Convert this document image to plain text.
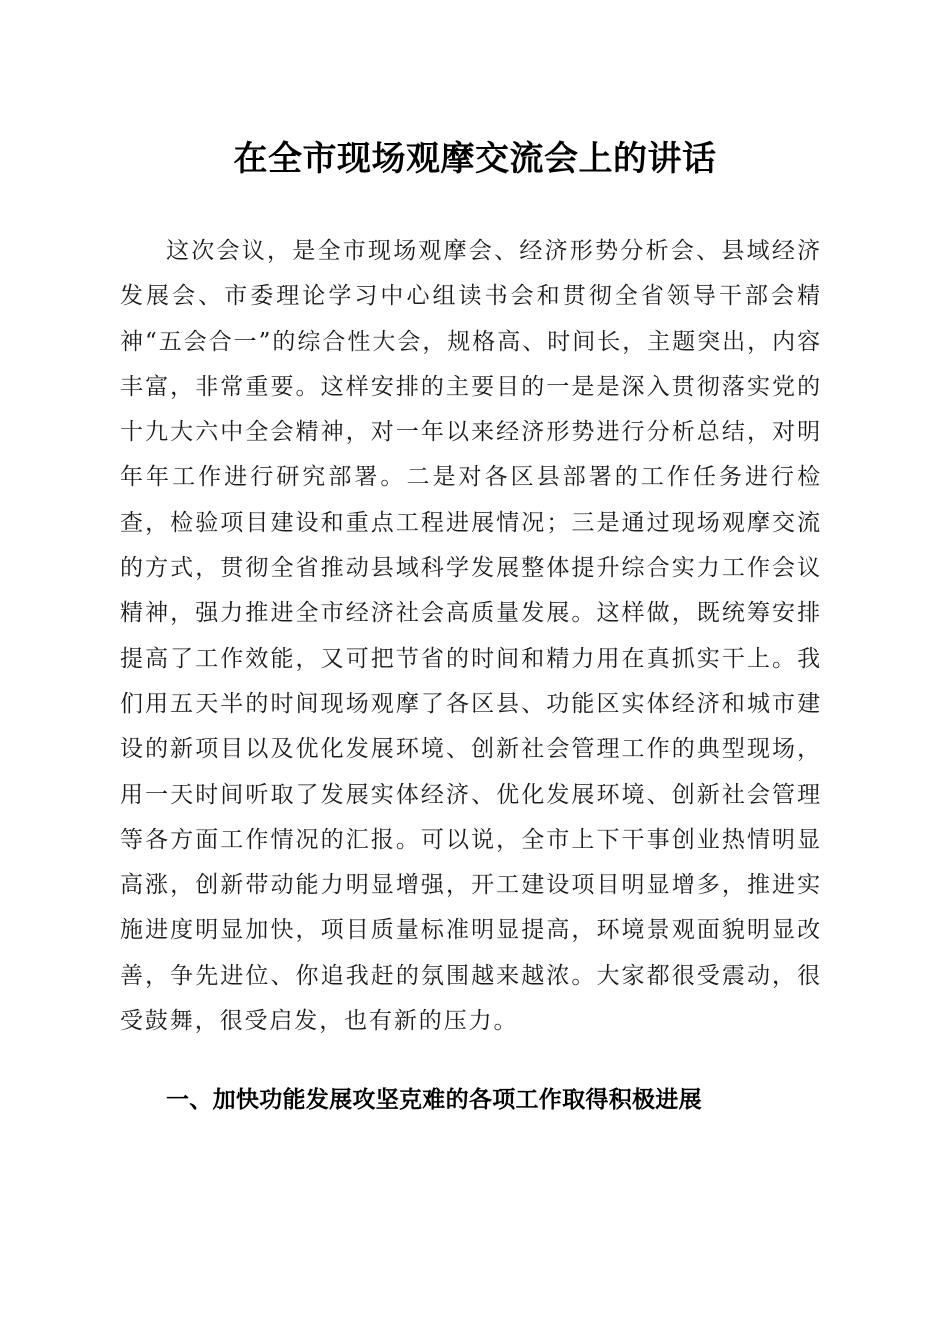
在全市现场观摩交流会上的讲话

这次会议，是全市现场观摩会、经济形势分析会、县域经济发展会、市委理论学习中心组读书会和贯彻全省领导干部会精神“五会合一”的综合性大会，规格高、时间长，主题突出，内容丰富，非常重要。这样安排的主要目的一是是深入贯彻落实党的十九大六中全会精神，对一年以来经济形势进行分析总结，对明年年工作进行研究部署。二是对各区县部署的工作任务进行检查，检验项目建设和重点工程进展情况；三是通过现场观摩交流的方式，贯彻全省推动县域科学发展整体提升综合实力工作会议精神，强力推进全市经济社会高质量发展。这样做，既统筹安排提高了工作效能，又可把节省的时间和精力用在真抓实干上。我们用五天半的时间现场观摩了各区县、功能区实体经济和城市建设的新项目以及优化发展环境、创新社会管理工作的典型现场，用一天时间听取了发展实体经济、优化发展环境、创新社会管理等各方面工作情况的汇报。可以说，全市上下干事创业热情明显高涨，创新带动能力明显增强，开工建设项目明显增多，推进实施进度明显加快，项目质量标准明显提高，环境景观面貌明显改善，争先进位、你追我赶的氛围越来越浓。大家都很受震动，很受鼓舞，很受启发，也有新的压力。

一、加快功能发展攻坚克难的各项工作取得积极进展
